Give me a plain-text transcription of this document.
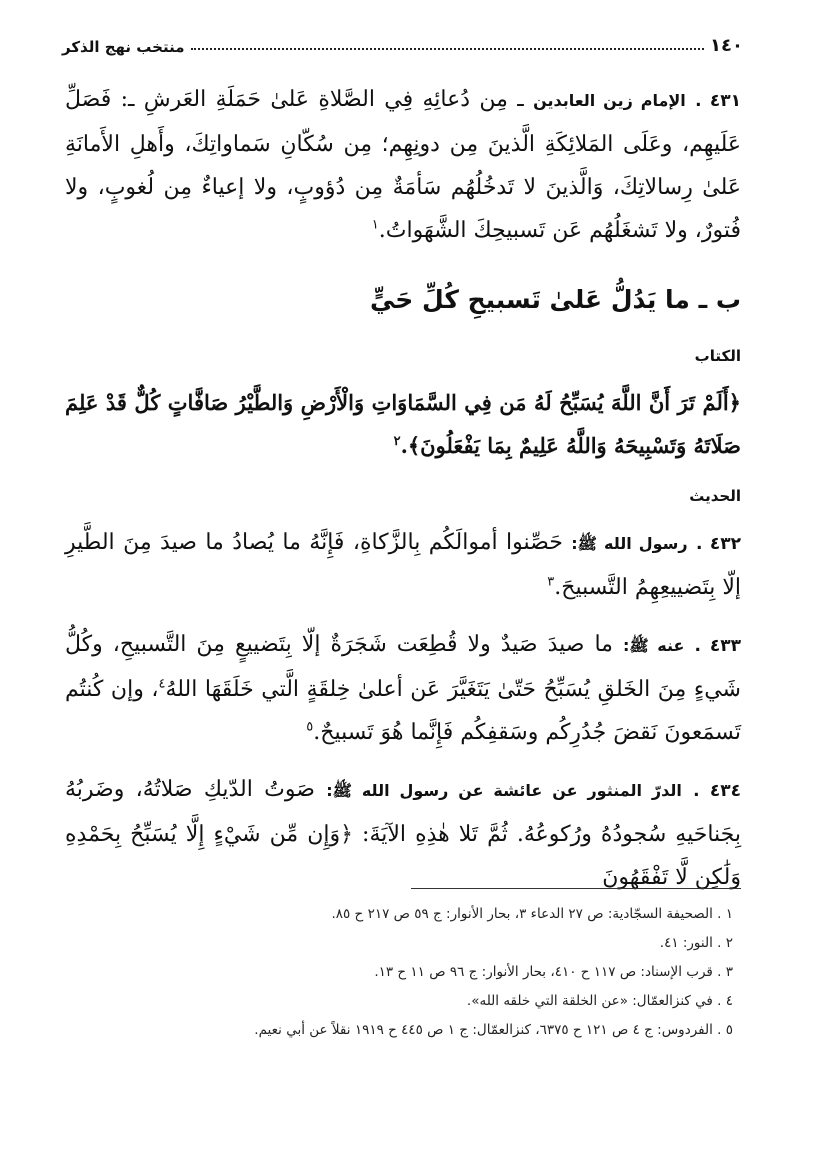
١٤٠
منتخب نهج الذكر

٤٣١ . الإمام زين العابدين ـ مِن دُعائِهِ فِي الصَّلاةِ عَلىٰ حَمَلَةِ العَرشِ ـ: فَصَلِّ عَلَيهِم، وعَلَى المَلائِكَةِ الَّذينَ مِن دونِهِم؛ مِن سُكّانِ سَماواتِكَ، وأَهلِ الأَمانَةِ عَلىٰ رِسالاتِكَ، وَالَّذينَ لا تَدخُلُهُم سَأمَةٌ مِن دُؤوبٍ، ولا إعياءٌ مِن لُغوبٍ، ولا فُتورٌ، ولا تَشغَلُهُم عَن تَسبيحِكَ الشَّهَواتُ.$^١$

ب ـ ما يَدُلُّ عَلىٰ تَسبيحِ كُلِّ حَيٍّ
الكتاب

﴿أَلَمْ تَرَ أَنَّ اللَّهَ يُسَبِّحُ لَهُ مَن فِي السَّمَاوَاتِ وَالْأَرْضِ وَالطَّيْرُ صَافَّاتٍ كُلٌّ قَدْ عَلِمَ صَلَاتَهُ وَتَسْبِيحَهُ وَاللَّهُ عَلِيمٌ بِمَا يَفْعَلُونَ﴾.$^٢$

الحديث

٤٣٢ . رسول الله ﷺ: حَصِّنوا أموالَكُم بِالزَّكاةِ، فَإِنَّهُ ما يُصادُ ما صيدَ مِنَ الطَّيرِ إلّا بِتَضييعِهِمُ التَّسبيحَ.$^٣$

٤٣٣ . عنه ﷺ: ما صيدَ صَيدٌ ولا قُطِعَت شَجَرَةٌ إلّا بِتَضييعٍ مِنَ التَّسبيحِ، وكُلُّ شَيءٍ مِنَ الخَلقِ يُسَبِّحُ حَتّىٰ يَتَغَيَّرَ عَن أعلىٰ خِلقَةٍ الَّتي خَلَقَهَا اللهُ$^٤$، وإن كُنتُم تَسمَعونَ نَقضَ جُدُرِكُم وسَقفِكُم فَإِنَّما هُوَ تَسبيحٌ.$^٥$

٤٣٤ . الدرّ المنثور عن عائشة عن رسول الله ﷺ: صَوتُ الدّيكِ صَلاتُهُ، وضَربُهُ بِجَناحَيهِ سُجودُهُ ورُكوعُهُ. ثُمَّ تَلا هٰذِهِ الآيَةَ: ﴿وَإِن مِّن شَيْءٍ إِلَّا يُسَبِّحُ بِحَمْدِهِ وَلَٰكِن لَّا تَفْقَهُونَ

١ . الصحيفة السجّادية: ص ٢٧ الدعاء ٣، بحار الأنوار: ج ٥٩ ص ٢١٧ ح ٨٥.

٢ . النور: ٤١.

٣ . قرب الإسناد: ص ١١٧ ح ٤١٠، بحار الأنوار: ج ٩٦ ص ١١ ح ١٣.

٤ . في كنزالعمّال: «عن الخلقة التي خلقه الله».

٥ . الفردوس: ج ٤ ص ١٢١ ح ٦٣٧٥، كنزالعمّال: ج ١ ص ٤٤٥ ح ١٩١٩ نقلاً عن أبي نعيم.
